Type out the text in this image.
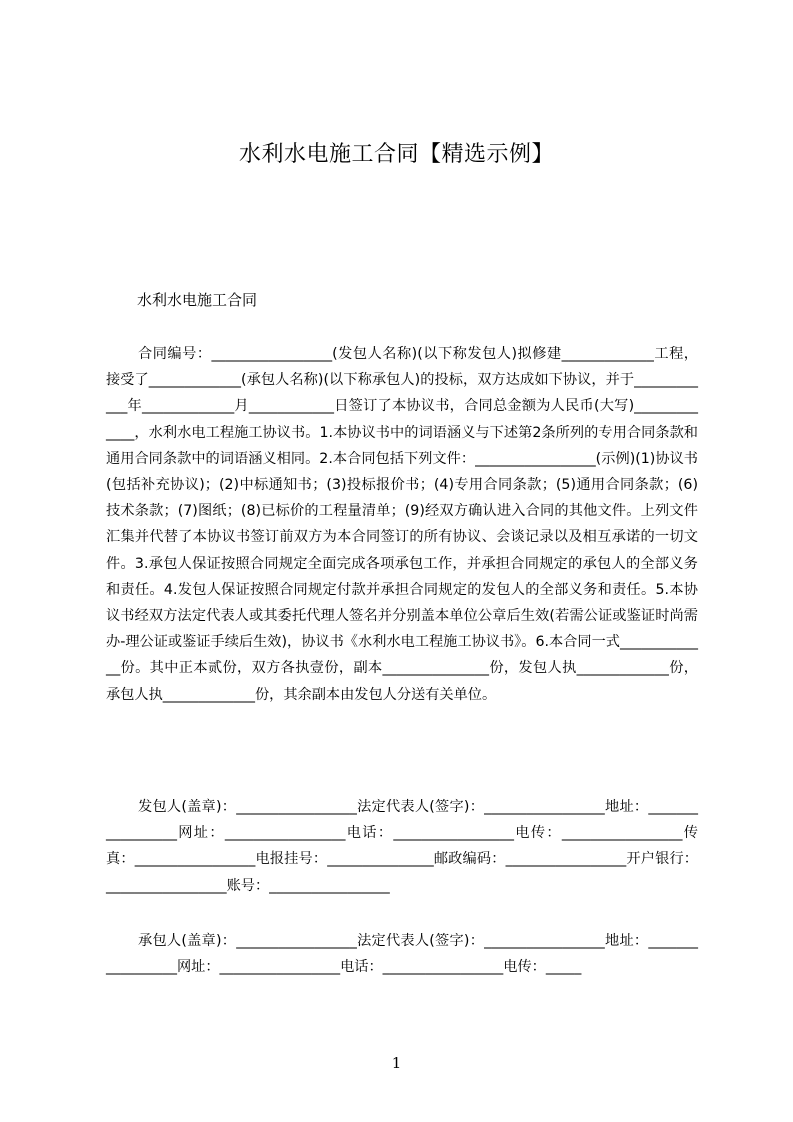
水利水电施工合同【精选示例】
水利水电施工合同
合同编号：_________________(发包人名称)(以下称发包人)拟修建_____________工程，接受了_____________(承包人名称)(以下称承包人)的投标，双方达成如下协议，并于____________年_____________月____________日签订了本协议书，合同总金额为人民币(大写)_____________，水利水电工程施工协议书。1.本协议书中的词语涵义与下述第2条所列的专用合同条款和通用合同条款中的词语涵义相同。2.本合同包括下列文件：_________________(示例)(1)协议书(包括补充协议)；(2)中标通知书；(3)投标报价书；(4)专用合同条款；(5)通用合同条款；(6)技术条款；(7)图纸；(8)已标价的工程量清单；(9)经双方确认进入合同的其他文件。上列文件汇集并代替了本协议书签订前双方为本合同签订的所有协议、会谈记录以及相互承诺的一切文件。3.承包人保证按照合同规定全面完成各项承包工作，并承担合同规定的承包人的全部义务和责任。4.发包人保证按照合同规定付款并承担合同规定的发包人的全部义务和责任。5.本协议书经双方法定代表人或其委托代理人签名并分别盖本单位公章后生效(若需公证或鉴证时尚需办-理公证或鉴证手续后生效)，协议书《水利水电工程施工协议书》。6.本合同一式_____________份。其中正本贰份，双方各执壹份，副本_______________份，发包人执_____________份，承包人执_____________份，其余副本由发包人分送有关单位。
发包人(盖章)：_________________法定代表人(签字)：_________________地址：_________________网址：_________________电话：_________________电传：_________________传真：_________________电报挂号：_______________邮政编码：_________________开户银行：_________________账号：_________________
承包人(盖章)：_________________法定代表人(签字)：_________________地址：_________________网址：_________________电话：_________________电传：_____
1
